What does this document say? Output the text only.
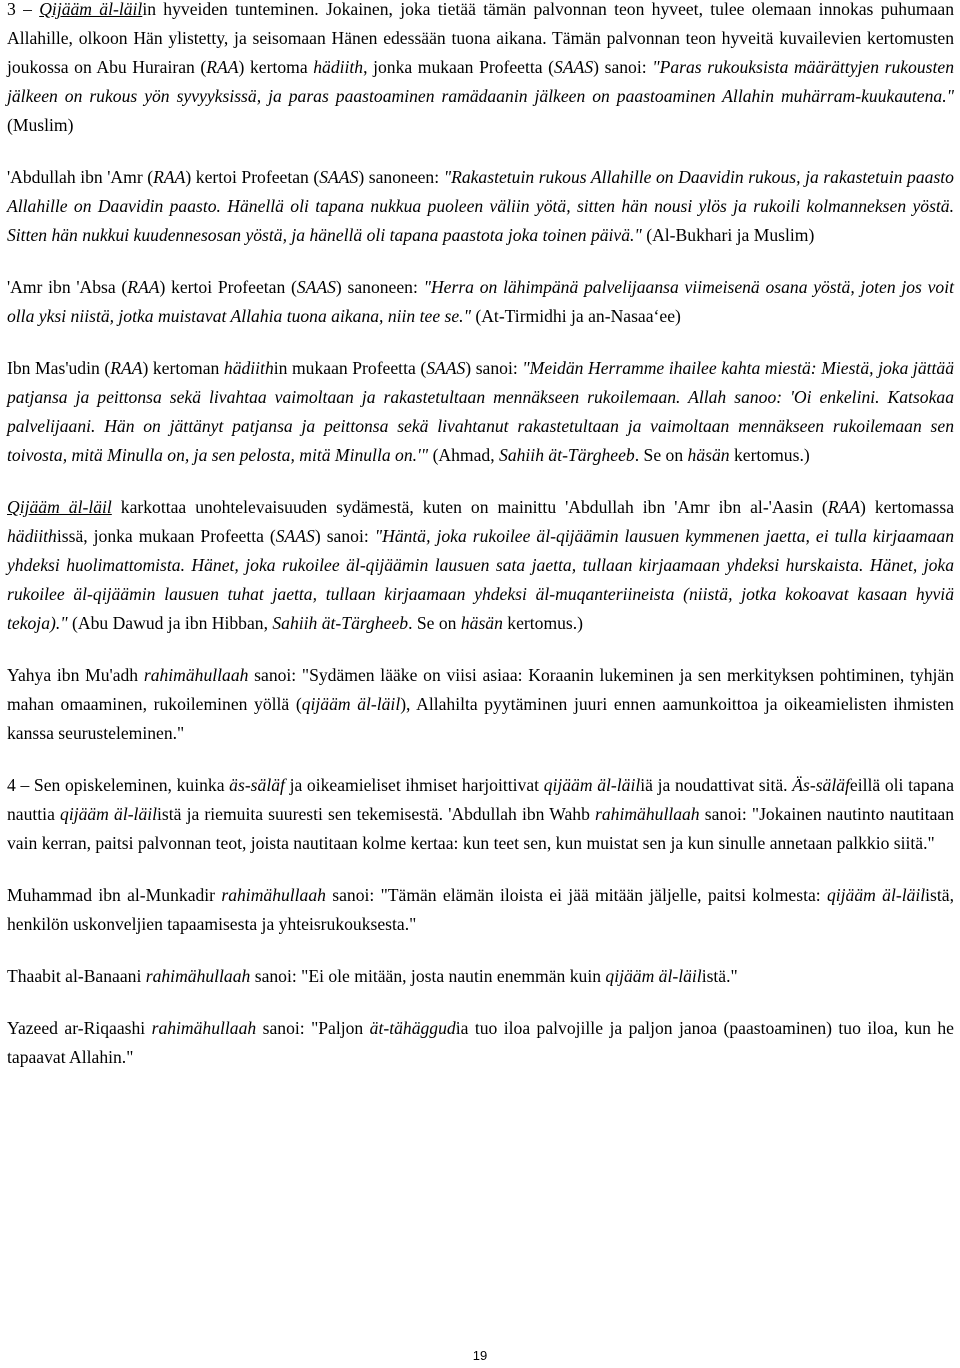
3 – Qijääm äl-läilin hyveiden tunteminen. Jokainen, joka tietää tämän palvonnan teon hyveet, tulee olemaan innokas puhumaan Allahille, olkoon Hän ylistetty, ja seisomaan Hänen edessään tuona aikana. Tämän palvonnan teon hyveitä kuvailevien kertomusten joukossa on Abu Hurairan (RAA) kertoma hädiith, jonka mukaan Profeetta (SAAS) sanoi: "Paras rukouksista määrättyjen rukousten jälkeen on rukous yön syvyyksissä, ja paras paastoaminen ramädaanin jälkeen on paastoaminen Allahin muhärram-kuukautena." (Muslim)

'Abdullah ibn 'Amr (RAA) kertoi Profeetan (SAAS) sanoneen: "Rakastetuin rukous Allahille on Daavidin rukous, ja rakastetuin paasto Allahille on Daavidin paasto. Hänellä oli tapana nukkua puoleen väliin yötä, sitten hän nousi ylös ja rukoili kolmanneksen yöstä. Sitten hän nukkui kuudennesosan yöstä, ja hänellä oli tapana paastota joka toinen päivä." (Al-Bukhari ja Muslim)

'Amr ibn 'Absa (RAA) kertoi Profeetan (SAAS) sanoneen: "Herra on lähimpänä palvelijaansa viimeisenä osana yöstä, joten jos voit olla yksi niistä, jotka muistavat Allahia tuona aikana, niin tee se." (At-Tirmidhi ja an-Nasaa‘ee)

Ibn Mas'udin (RAA) kertoman hädiithin mukaan Profeetta (SAAS) sanoi: "Meidän Herramme ihailee kahta miestä: Miestä, joka jättää patjansa ja peittonsa sekä livahtaa vaimoltaan ja rakastetultaan mennäkseen rukoilemaan. Allah sanoo: 'Oi enkelini. Katsokaa palvelijaani. Hän on jättänyt patjansa ja peittonsa sekä livahtanut rakastetultaan ja vaimoltaan mennäkseen rukoilemaan sen toivosta, mitä Minulla on, ja sen pelosta, mitä Minulla on.'" (Ahmad, Sahiih ät-Tärgheeb. Se on häsän kertomus.)

Qijääm äl-läil karkottaa unohtelevaisuuden sydämestä, kuten on mainittu 'Abdullah ibn 'Amr ibn al-'Aasin (RAA) kertomassa hädiithissä, jonka mukaan Profeetta (SAAS) sanoi: "Häntä, joka rukoilee äl-qijäämin lausuen kymmenen jaetta, ei tulla kirjaamaan yhdeksi huolimattomista. Hänet, joka rukoilee äl-qijäämin lausuen sata jaetta, tullaan kirjaamaan yhdeksi hurskaista. Hänet, joka rukoilee äl-qijäämin lausuen tuhat jaetta, tullaan kirjaamaan yhdeksi äl-muqanteriineista (niistä, jotka kokoavat kasaan hyviä tekoja)." (Abu Dawud ja ibn Hibban, Sahiih ät-Tärgheeb. Se on häsän kertomus.)

Yahya ibn Mu'adh rahimähullaah sanoi: "Sydämen lääke on viisi asiaa: Koraanin lukeminen ja sen merkityksen pohtiminen, tyhjän mahan omaaminen, rukoileminen yöllä (qijääm äl-läil), Allahilta pyytäminen juuri ennen aamunkoittoa ja oikeamielisten ihmisten kanssa seurusteleminen."

4 – Sen opiskeleminen, kuinka äs-säläf ja oikeamieliset ihmiset harjoittivat qijääm äl-läiliä ja noudattivat sitä. Äs-säläfeillä oli tapana nauttia qijääm äl-läilistä ja riemuita suuresti sen tekemisestä. 'Abdullah ibn Wahb rahimähullaah sanoi: "Jokainen nautinto nautitaan vain kerran, paitsi palvonnan teot, joista nautitaan kolme kertaa: kun teet sen, kun muistat sen ja kun sinulle annetaan palkkio siitä."

Muhammad ibn al-Munkadir rahimähullaah sanoi: "Tämän elämän iloista ei jää mitään jäljelle, paitsi kolmesta: qijääm äl-läilistä, henkilön uskonveljien tapaamisesta ja yhteisrukouksesta."

Thaabit al-Banaani rahimähullaah sanoi: "Ei ole mitään, josta nautin enemmän kuin qijääm äl-läilistä."

Yazeed ar-Riqaashi rahimähullaah sanoi: "Paljon ät-tähäggudia tuo iloa palvojille ja paljon janoa (paastoaminen) tuo iloa, kun he tapaavat Allahin."

19
